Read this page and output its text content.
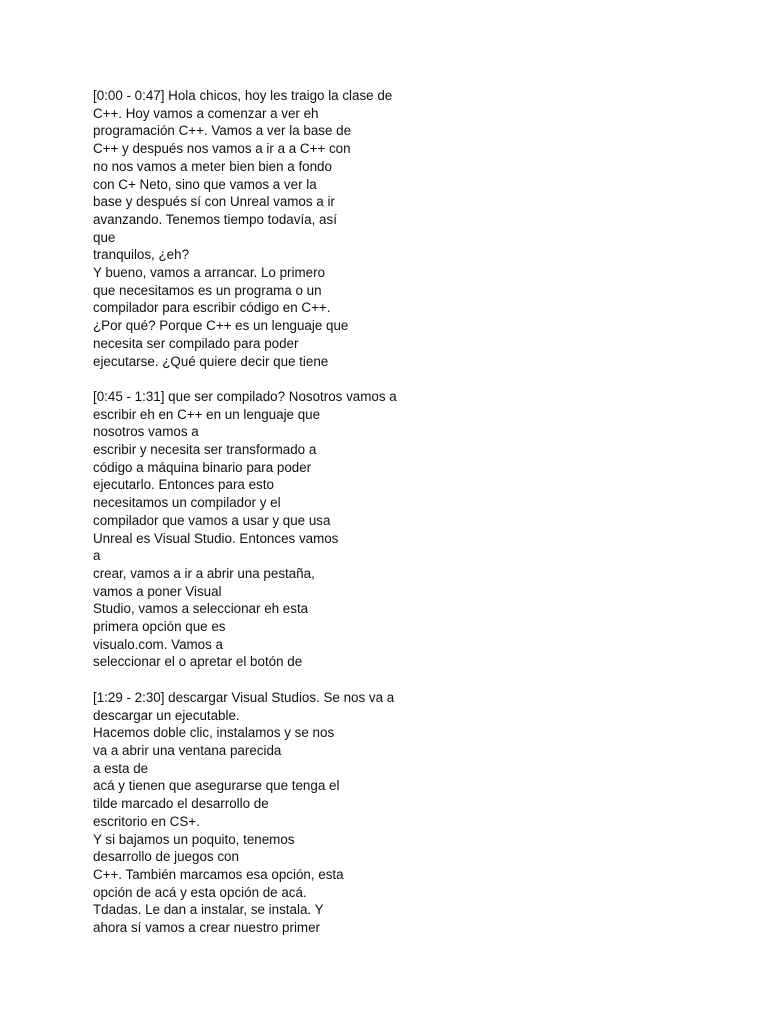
[0:00 - 0:47] Hola chicos, hoy les traigo la clase de
C++. Hoy vamos a comenzar a ver eh
programación C++. Vamos a ver la base de
C++ y después nos vamos a ir a a C++ con
no nos vamos a meter bien bien a fondo
con C+ Neto, sino que vamos a ver la
base y después sí con Unreal vamos a ir
avanzando. Tenemos tiempo todavía, así
que
tranquilos, ¿eh?
Y bueno, vamos a arrancar. Lo primero
que necesitamos es un programa o un
compilador para escribir código en C++.
¿Por qué? Porque C++ es un lenguaje que
necesita ser compilado para poder
ejecutarse. ¿Qué quiere decir que tiene
[0:45 - 1:31] que ser compilado? Nosotros vamos a
escribir eh en C++ en un lenguaje que
nosotros vamos a
escribir y necesita ser transformado a
código a máquina binario para poder
ejecutarlo. Entonces para esto
necesitamos un compilador y el
compilador que vamos a usar y que usa
Unreal es Visual Studio. Entonces vamos
a
crear, vamos a ir a abrir una pestaña,
vamos a poner Visual
Studio, vamos a seleccionar eh esta
primera opción que es
visualo.com. Vamos a
seleccionar el o apretar el botón de
[1:29 - 2:30] descargar Visual Studios. Se nos va a
descargar un ejecutable.
Hacemos doble clic, instalamos y se nos
va a abrir una ventana parecida
a esta de
acá y tienen que asegurarse que tenga el
tilde marcado el desarrollo de
escritorio en CS+.
Y si bajamos un poquito, tenemos
desarrollo de juegos con
C++. También marcamos esa opción, esta
opción de acá y esta opción de acá.
Tdadas. Le dan a instalar, se instala. Y
ahora sí vamos a crear nuestro primer
